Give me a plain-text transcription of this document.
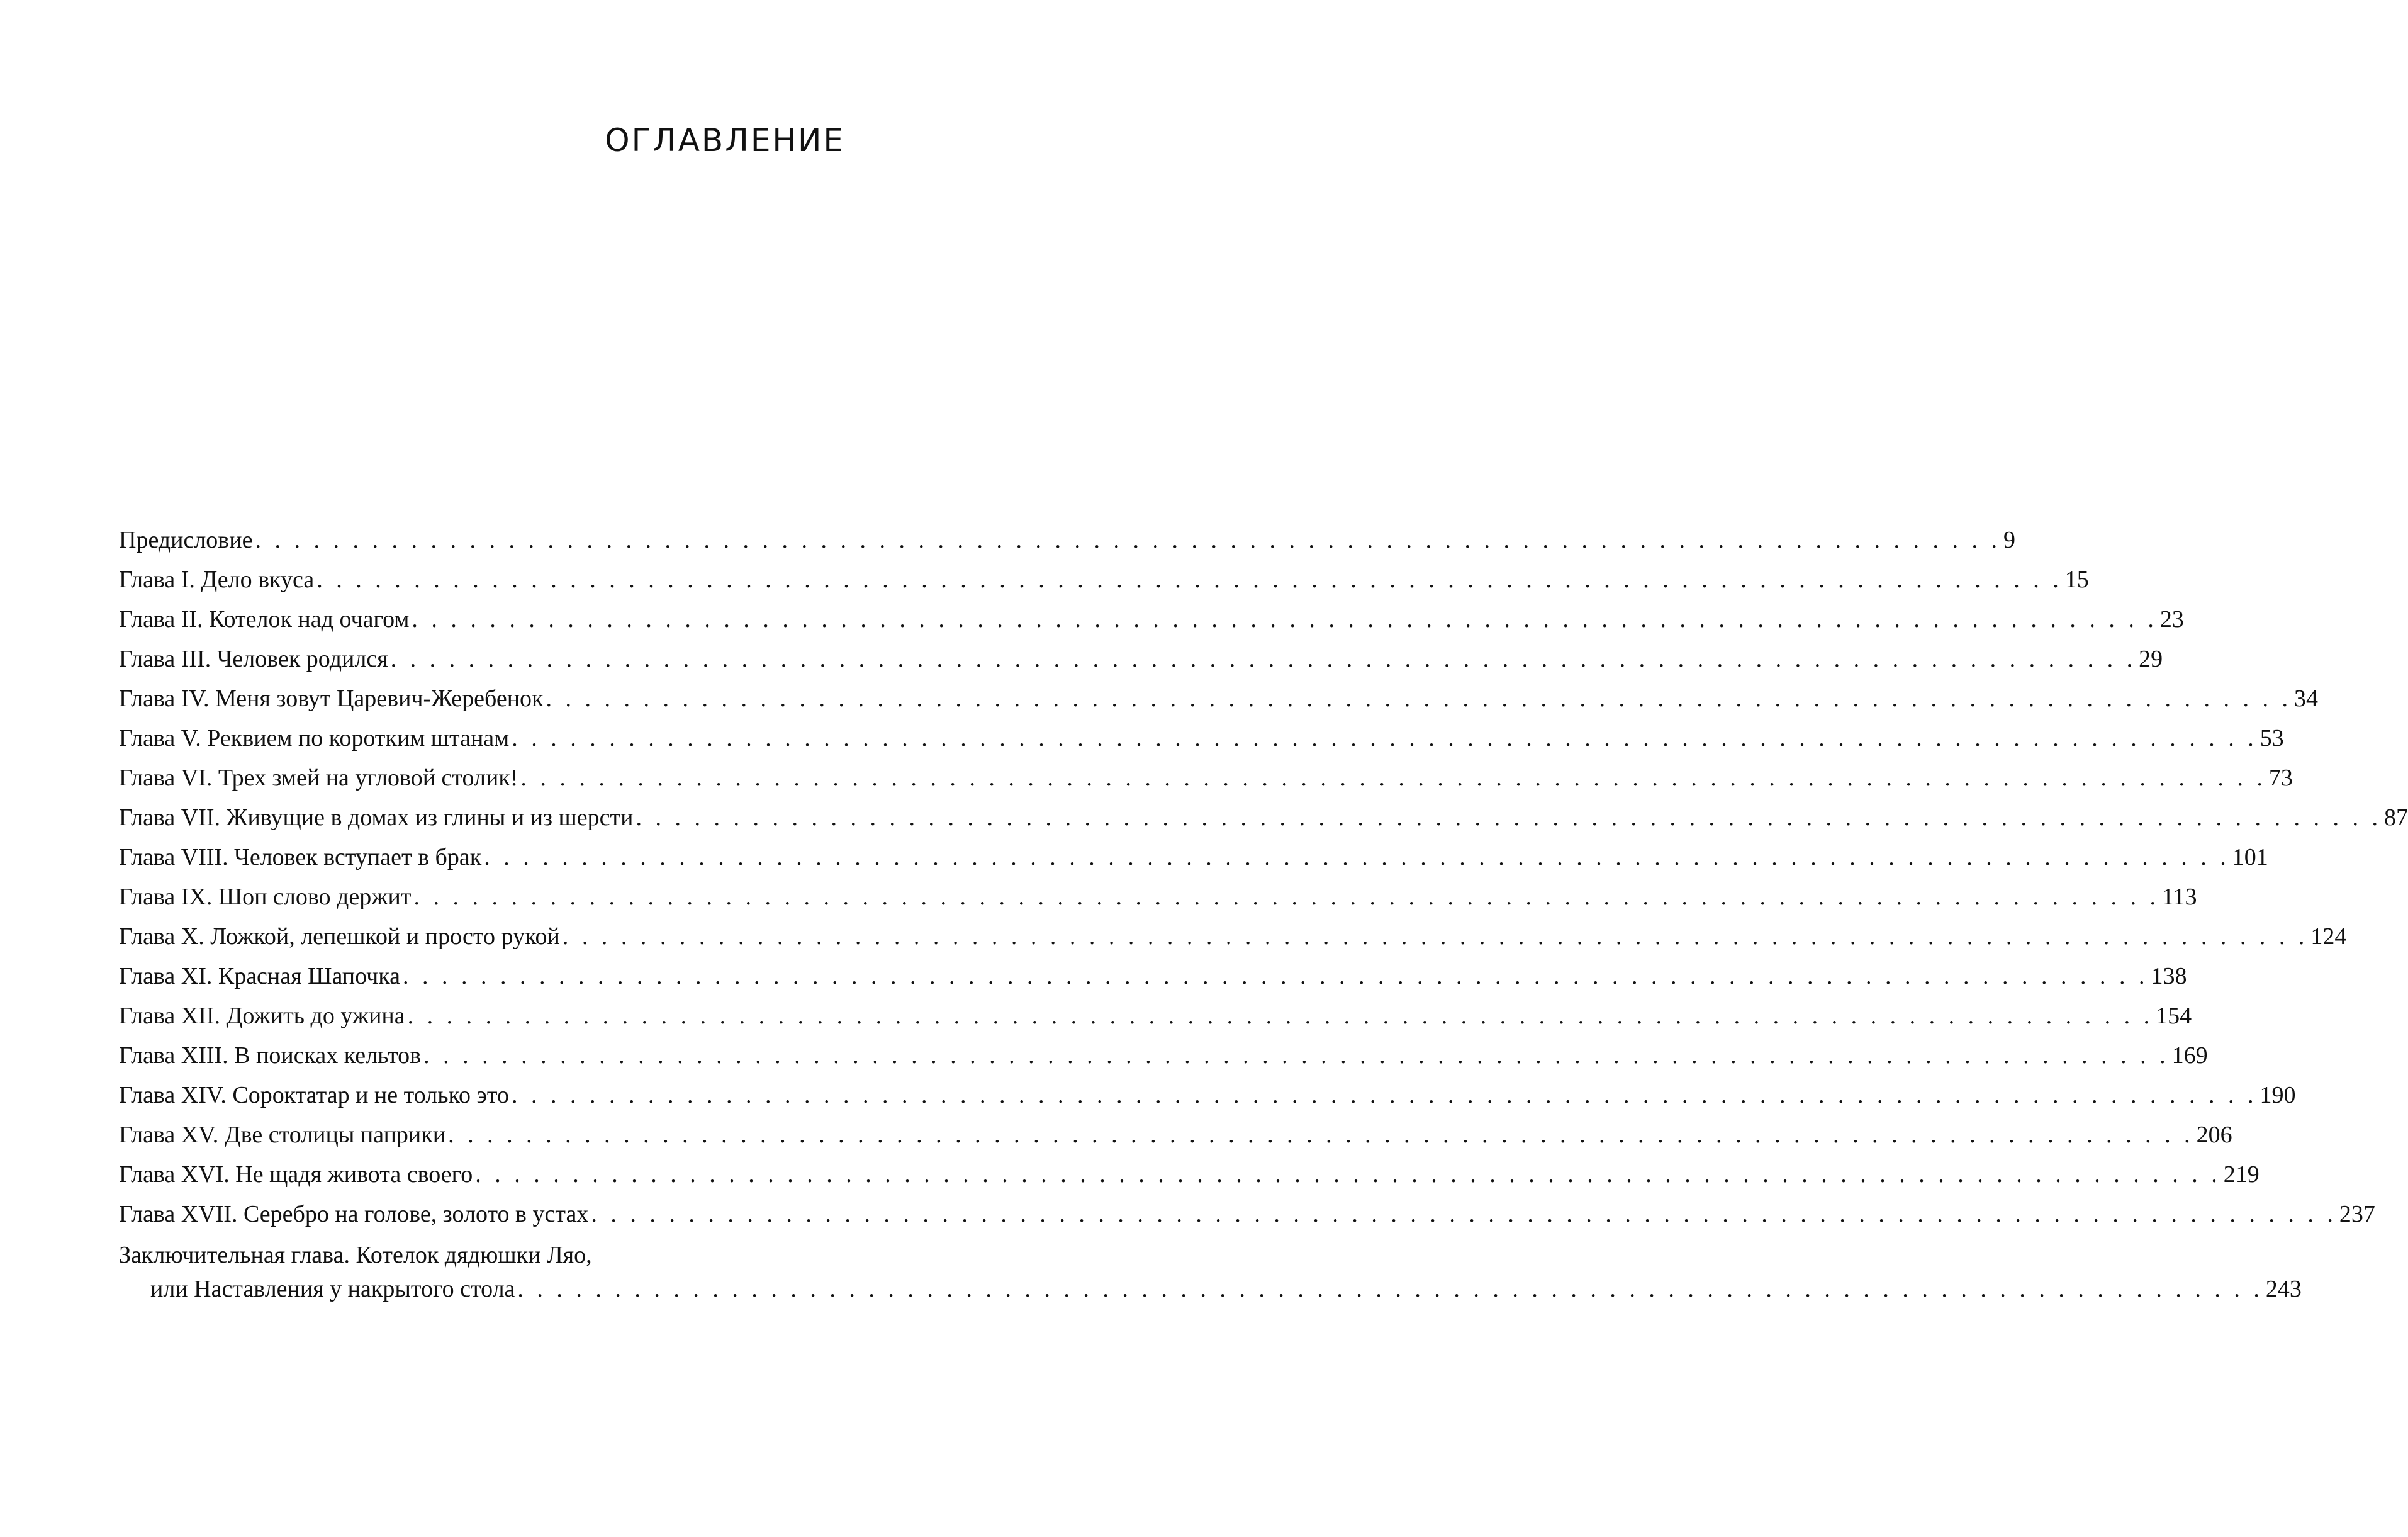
ОГЛАВЛЕНИЕ
Предисловие . . . . . . . . . . . . . . . . . . . . . . . . . . . . . . . . . . . . . . . . . . . . . . . . . . . . . . . . . . . . . . . . . . . . . . . . . . . . . . . . . . . . . . . . . . 9
Глава I. Дело вкуса . . . . . . . . . . . . . . . . . . . . . . . . . . . . . . . . . . . . . . . . . . . . . . . . . . . . . . . . . . . . . . . . . . . . . . . . . . . . . . . . . . . . . . . . . . 15
Глава II. Котелок над очагом . . . . . . . . . . . . . . . . . . . . . . . . . . . . . . . . . . . . . . . . . . . . . . . . . . . . . . . . . . . . . . . . . . . . . . . . . . . . . . . . . . . . . . . . . . 23
Глава III. Человек родился . . . . . . . . . . . . . . . . . . . . . . . . . . . . . . . . . . . . . . . . . . . . . . . . . . . . . . . . . . . . . . . . . . . . . . . . . . . . . . . . . . . . . . . . . . 29
Глава IV. Меня зовут Царевич-Жеребенок . . . . . . . . . . . . . . . . . . . . . . . . . . . . . . . . . . . . . . . . . . . . . . . . . . . . . . . . . . . . . . . . . . . . . . . . . . . . . . . . . . . . . . . . . . 34
Глава V. Реквием по коротким штанам . . . . . . . . . . . . . . . . . . . . . . . . . . . . . . . . . . . . . . . . . . . . . . . . . . . . . . . . . . . . . . . . . . . . . . . . . . . . . . . . . . . . . . . . . . 53
Глава VI. Трех змей на угловой столик! . . . . . . . . . . . . . . . . . . . . . . . . . . . . . . . . . . . . . . . . . . . . . . . . . . . . . . . . . . . . . . . . . . . . . . . . . . . . . . . . . . . . . . . . . . 73
Глава VII. Живущие в домах из глины и из шерсти . . . . . . . . . . . . . . . . . . . . . . . . . . . . . . . . . . . . . . . . . . . . . . . . . . . . . . . . . . . . . . . . . . . . . . . . . . . . . . . . . . . . . . . . . . 87
Глава VIII. Человек вступает в брак . . . . . . . . . . . . . . . . . . . . . . . . . . . . . . . . . . . . . . . . . . . . . . . . . . . . . . . . . . . . . . . . . . . . . . . . . . . . . . . . . . . . . . . . . . 101
Глава IX. Шоп слово держит . . . . . . . . . . . . . . . . . . . . . . . . . . . . . . . . . . . . . . . . . . . . . . . . . . . . . . . . . . . . . . . . . . . . . . . . . . . . . . . . . . . . . . . . . . 113
Глава X. Ложкой, лепешкой и просто рукой . . . . . . . . . . . . . . . . . . . . . . . . . . . . . . . . . . . . . . . . . . . . . . . . . . . . . . . . . . . . . . . . . . . . . . . . . . . . . . . . . . . . . . . . . . 124
Глава XI. Красная Шапочка . . . . . . . . . . . . . . . . . . . . . . . . . . . . . . . . . . . . . . . . . . . . . . . . . . . . . . . . . . . . . . . . . . . . . . . . . . . . . . . . . . . . . . . . . . 138
Глава XII. Дожить до ужина . . . . . . . . . . . . . . . . . . . . . . . . . . . . . . . . . . . . . . . . . . . . . . . . . . . . . . . . . . . . . . . . . . . . . . . . . . . . . . . . . . . . . . . . . . 154
Глава XIII. В поисках кельтов . . . . . . . . . . . . . . . . . . . . . . . . . . . . . . . . . . . . . . . . . . . . . . . . . . . . . . . . . . . . . . . . . . . . . . . . . . . . . . . . . . . . . . . . . . 169
Глава XIV. Сороктатар и не только это . . . . . . . . . . . . . . . . . . . . . . . . . . . . . . . . . . . . . . . . . . . . . . . . . . . . . . . . . . . . . . . . . . . . . . . . . . . . . . . . . . . . . . . . . . 190
Глава XV. Две столицы паприки . . . . . . . . . . . . . . . . . . . . . . . . . . . . . . . . . . . . . . . . . . . . . . . . . . . . . . . . . . . . . . . . . . . . . . . . . . . . . . . . . . . . . . . . . . 206
Глава XVI. Не щадя живота своего . . . . . . . . . . . . . . . . . . . . . . . . . . . . . . . . . . . . . . . . . . . . . . . . . . . . . . . . . . . . . . . . . . . . . . . . . . . . . . . . . . . . . . . . . . 219
Глава XVII. Серебро на голове, золото в устах . . . . . . . . . . . . . . . . . . . . . . . . . . . . . . . . . . . . . . . . . . . . . . . . . . . . . . . . . . . . . . . . . . . . . . . . . . . . . . . . . . . . . . . . . . 237
Заключительная глава. Котелок дядюшки Ляо,
или Наставления у накрытого стола . . . . . . . . . . . . . . . . . . . . . . . . . . . . . . . . . . . . . . . . . . . . . . . . . . . . . . . . . . . . . . . . . . . . . . . . . . . . . . . . . . . . . . . . . . 243
